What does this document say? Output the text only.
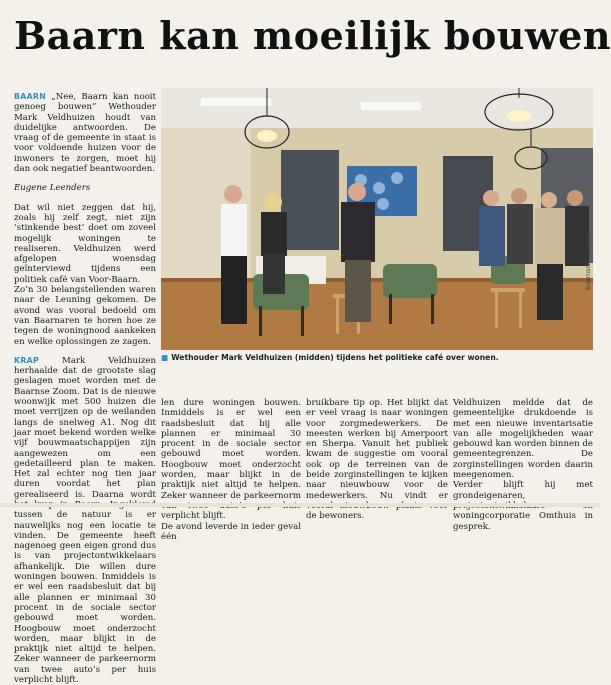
Baarn kan moeilijk bouwen

BAARN „Nee, Baarn kan nooit genoeg bouwen” Wethouder Mark Veldhuizen houdt van duidelijke antwoorden. De vraag of de gemeente in staat is voor voldoende huizen voor de inwoners te zorgen, moet hij dan ook negatief beantwoorden.

Eugene Leenders

Dat wil niet zeggen dat hij, zoals hij zelf zegt, niet zijn ‘stinkende best’ doet om zoveel mogelijk woningen te realiseren. Veldhuizen werd afgelopen woensdag geïnterviewd tijdens een politiek café van Voor-Baarn.

Zo’n 30 belangstellenden waren naar de Leuning gekomen. De avond was vooral bedoeld om van Baarnaren te horen hoe ze tegen de woningnood aankeken en welke oplossingen ze zagen.

KRAP	Mark Veldhuizen herhaalde dat de grootste slag geslagen moet worden met de Baarnse Zoom. Dat is de nieuwe woonwijk met 500 huizen die moet verrijzen op de weilanden langs de snelweg A1. Nog dit jaar moet bekend worden welke vijf bouwmaatschappijen zijn aangewezen om een gedetailleerd plan te maken. Het zal echter nog tien jaar duren voordat het plan gerealiseerd is. Daarna wordt tussen de natuur is er nauwelijks nog een locatie te vinden. De gemeente heeft nagenoeg geen eigen grond dus is van projectontwikkelaars afhankelijk. Die willen dure woningen bouwen. Inmiddels is er wel een raadsbesluit dat bij alle plannen er minimaal 30 procent in de sociale sector gebouwd moet worden. Hoogbouw moet onderzocht worden, maar blijkt in de praktijk niet altijd te helpen. Zeker wanneer de parkeernorm van twee auto’s per huis verplicht blijft.

Baarnsche Courant
■ Wethouder Mark Veldhuizen (midden) tijdens het politieke café over wonen.

len dure woningen bouwen. Inmiddels is er wel een raadsbesluit dat bij alle plannen er minimaal 30 procent in de sociale sector gebouwd moet worden. Hoogbouw moet onderzocht worden, maar blijkt in de praktijk niet altijd te helpen. Zeker wanneer de parkeernorm verplicht blijft.
De avond leverde in ieder geval één

bruikbare tip op. Het blijkt dat er veel vraag is naar woningen voor zorgmedewerkers. De meesten werken bij Amerpoort en Sherpa. Vanuit het publiek kwam de suggestie om vooral ook op de terreinen van de beide zorginstellingen te kijken naar nieuwbouw voor de medewerkers. Nu vindt er de bewoners.

Veldhuizen meldde dat de gemeentelijke drukdoende is met een nieuwe inventarisatie van alle mogelijkheden waar gebouwd kan worden binnen de gemeentegrenzen. De zorginstellingen worden daarin meegenomen.

Verder blijft hij met grondeigenaren, woningcorporatie Omthuis in gesprek.
